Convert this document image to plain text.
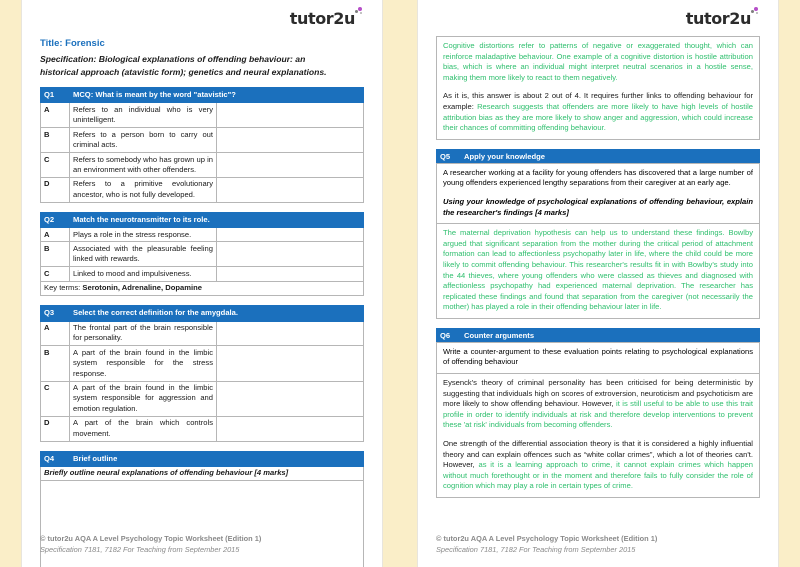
tutor2u
Title: Forensic
Specification: Biological explanations of offending behaviour: an historical approach (atavistic form); genetics and neural explanations.
Q1	MCQ: What is meant by the word "atavistic"?	
A	Refers to an individual who is very unintelligent.	
B	Refers to a person born to carry out criminal acts.	
C	Refers to somebody who has grown up in an environment with other offenders.	
D	Refers to a primitive evolutionary ancestor, who is not fully developed.	
Q2	Match the neurotransmitter to its role.	
A	Plays a role in the stress response.	
B	Associated with the pleasurable feeling linked with rewards.	
C	Linked to mood and impulsiveness.	
Key terms: Serotonin, Adrenaline, Dopamine		
Q3	Select the correct definition for the amygdala.	
A	The frontal part of the brain responsible for personality.	
B	A part of the brain found in the limbic system responsible for the stress response.	
C	A part of the brain found in the limbic system responsible for aggression and emotion regulation.	
D	A part of the brain which controls movement.	
Q4	Brief outline
Briefly outline neural explanations of offending behaviour [4 marks]

© tutor2u AQA A Level Psychology Topic Worksheet (Edition 1)
Specification 7181, 7182 For Teaching from September 2015
tutor2u

Cognitive distortions refer to patterns of negative or exaggerated thought, which can reinforce maladaptive behaviour. One example of a cognitive distortion is hostile attribution bias, which is where an individual might interpret neutral scenarios in a hostile sense, making them more likely to react to them negatively.

As it is, this answer is about 2 out of 4. It requires further links to offending behaviour for example: Research suggests that offenders are more likely to have high levels of hostile attribution bias as they are more likely to show anger and aggression, which could increase their chances of committing offending behaviour.

Q5	Apply your knowledge

A researcher working at a facility for young offenders has discovered that a large number of young offenders experienced lengthy separations from their caregiver at an early age.

Using your knowledge of psychological explanations of offending behaviour, explain the researcher's findings [4 marks]

The maternal deprivation hypothesis can help us to understand these findings. Bowlby argued that significant separation from the mother during the critical period of attachment formation can lead to affectionless psychopathy later in life, where the child could be more likely to commit offending behaviour. This researcher's results fit in with Bowlby's study into the 44 thieves, where young offenders who were classed as thieves and diagnosed with affectionless psychopathy had experienced maternal deprivation. The researcher has replicated these findings and found that separation from the caregiver (not necessarily the mother) has played a role in their offending behaviour later in life.

Q6	Counter arguments

Write a counter-argument to these evaluation points relating to psychological explanations of offending behaviour

Eysenck's theory of criminal personality has been criticised for being deterministic by suggesting that individuals high on scores of extroversion, neuroticism and psychoticism are more likely to show offending behaviour. However, it is still useful to be able to use this trait profile in order to identify individuals at risk and therefore develop interventions to prevent these 'at risk' individuals from becoming offenders.

One strength of the differential association theory is that it is considered a highly influential theory and can explain offences such as “white collar crimes”, which a lot of theories can't. However, as it is a learning approach to crime, it cannot explain crimes which happen without much forethought or in the moment and therefore fails to fully consider the role of cognition which may play a role in certain types of crime.

© tutor2u AQA A Level Psychology Topic Worksheet (Edition 1)
Specification 7181, 7182 For Teaching from September 2015
